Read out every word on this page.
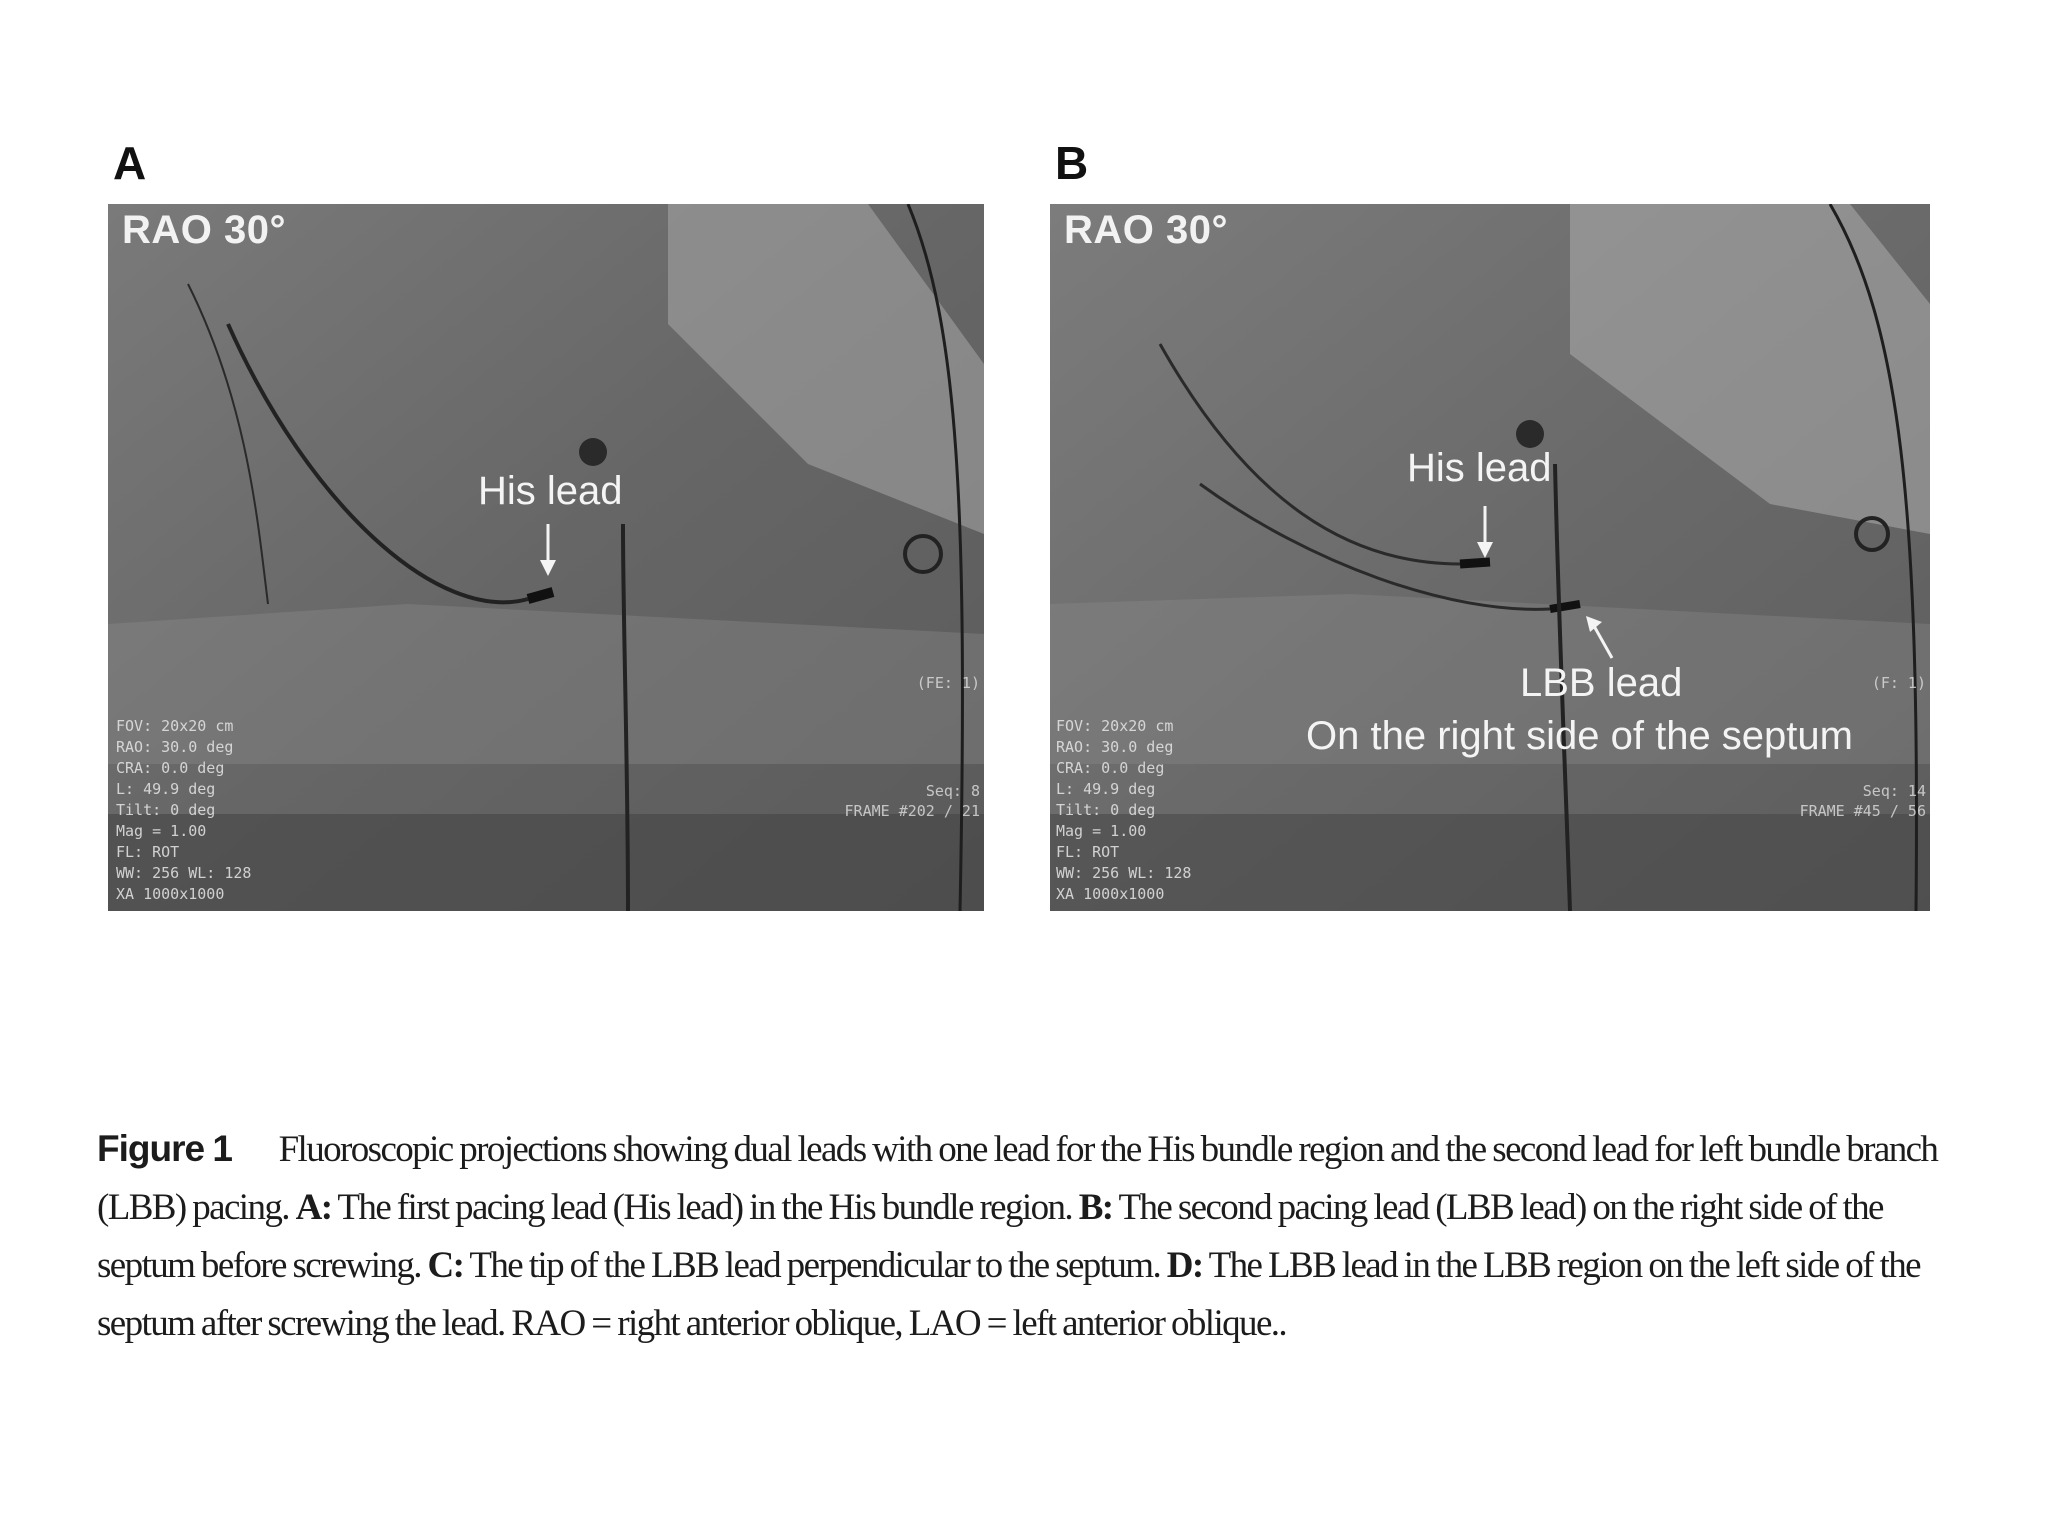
A
RAO 30°
His lead
FOV: 20x20 cm
RAO: 30.0 deg
CRA: 0.0 deg
L: 49.9 deg
Tilt: 0 deg
Mag = 1.00
FL: ROT
WW: 256 WL: 128
XA 1000x1000
(FE: 1)
Seq: 8
FRAME #202 / 21
B
RAO 30°
His lead
LBB lead
On the right side of the septum
FOV: 20x20 cm
RAO: 30.0 deg
CRA: 0.0 deg
L: 49.9 deg
Tilt: 0 deg
Mag = 1.00
FL: ROT
WW: 256 WL: 128
XA 1000x1000
(F: 1)
Seq: 14
FRAME #45 / 56
Figure 1 Fluoroscopic projections showing dual leads with one lead for the His bundle region and the second lead for left bundle branch (LBB) pacing. A: The first pacing lead (His lead) in the His bundle region. B: The second pacing lead (LBB lead) on the right side of the septum before screwing. C: The tip of the LBB lead perpendicular to the septum. D: The LBB lead in the LBB region on the left side of the septum after screwing the lead. RAO = right anterior oblique, LAO = left anterior oblique..
